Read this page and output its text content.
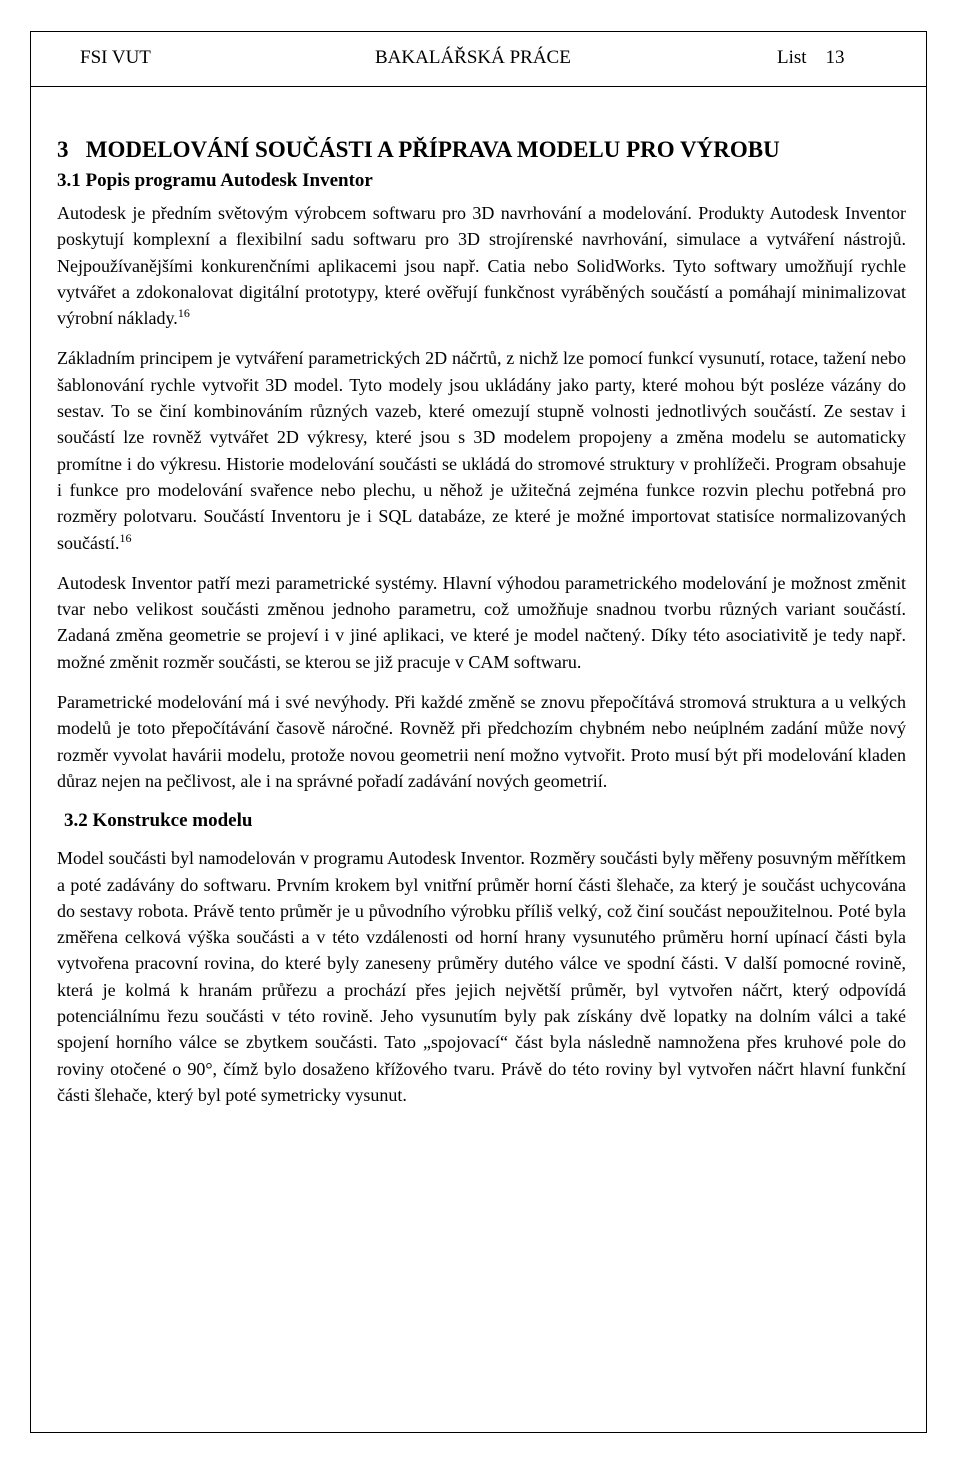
FSI VUT	BAKALÁŘSKÁ PRÁCE	List    13
3   MODELOVÁNÍ SOUČÁSTI A PŘÍPRAVA MODELU PRO VÝROBU
3.1 Popis programu Autodesk Inventor

Autodesk je předním světovým výrobcem softwaru pro 3D navrhování a modelování. Produkty Autodesk Inventor poskytují komplexní a flexibilní sadu softwaru pro 3D strojírenské navrhování, simulace a vytváření nástrojů. Nejpoužívanějšími konkurenčními aplikacemi jsou např. Catia nebo SolidWorks. Tyto softwary umožňují rychle vytvářet a zdokonalovat digitální prototypy, které ověřují funkčnost vyráběných součástí a pomáhají minimalizovat výrobní náklady.$^{16}$

Základním principem je vytváření parametrických 2D náčrtů, z nichž lze pomocí funkcí vysunutí, rotace, tažení nebo šablonování rychle vytvořit 3D model. Tyto modely jsou ukládány jako party, které mohou být posléze vázány do sestav. To se činí kombinováním různých vazeb, které omezují stupně volnosti jednotlivých součástí. Ze sestav i součástí lze rovněž vytvářet 2D výkresy, které jsou s 3D modelem propojeny a změna modelu se automaticky promítne i do výkresu. Historie modelování součásti se ukládá do stromové struktury v prohlížeči. Program obsahuje i funkce pro modelování svařence nebo plechu, u něhož je užitečná zejména funkce rozvin plechu potřebná pro rozměry polotvaru. Součástí Inventoru je i SQL databáze, ze které je možné importovat statisíce normalizovaných součástí.$^{16}$

Autodesk Inventor patří mezi parametrické systémy. Hlavní výhodou parametrického modelování je možnost změnit tvar nebo velikost součásti změnou jednoho parametru, což umožňuje snadnou tvorbu různých variant součástí. Zadaná změna geometrie se projeví i v jiné aplikaci, ve které je model načtený. Díky této asociativitě je tedy např. možné změnit rozměr součásti, se kterou se již pracuje v CAM softwaru.

Parametrické modelování má i své nevýhody. Při každé změně se znovu přepočítává stromová struktura a u velkých modelů je toto přepočítávání časově náročné. Rovněž při předchozím chybném nebo neúplném zadání může nový rozměr vyvolat havárii modelu, protože novou geometrii není možno vytvořit. Proto musí být při modelování kladen důraz nejen na pečlivost, ale i na správné pořadí zadávání nových geometrií.

3.2 Konstrukce modelu

Model součásti byl namodelován v programu Autodesk Inventor. Rozměry součásti byly měřeny posuvným měřítkem a poté zadávány do softwaru. Prvním krokem byl vnitřní průměr horní části šlehače, za který je součást uchycována do sestavy robota. Právě tento průměr je u původního výrobku příliš velký, což činí součást nepoužitelnou. Poté byla změřena celková výška součásti a v této vzdálenosti od horní hrany vysunutého průměru horní upínací části byla vytvořena pracovní rovina, do které byly zaneseny průměry dutého válce ve spodní části. V další pomocné rovině, která je kolmá k hranám průřezu a prochází přes jejich největší průměr, byl vytvořen náčrt, který odpovídá potenciálnímu řezu součásti v této rovině. Jeho vysunutím byly pak získány dvě lopatky na dolním válci a také spojení horního válce se zbytkem součásti. Tato „spojovací“ část byla následně namnožena přes kruhové pole do roviny otočené o 90°, čímž bylo dosaženo křížového tvaru. Právě do této roviny byl vytvořen náčrt hlavní funkční části šlehače, který byl poté symetricky vysunut.
